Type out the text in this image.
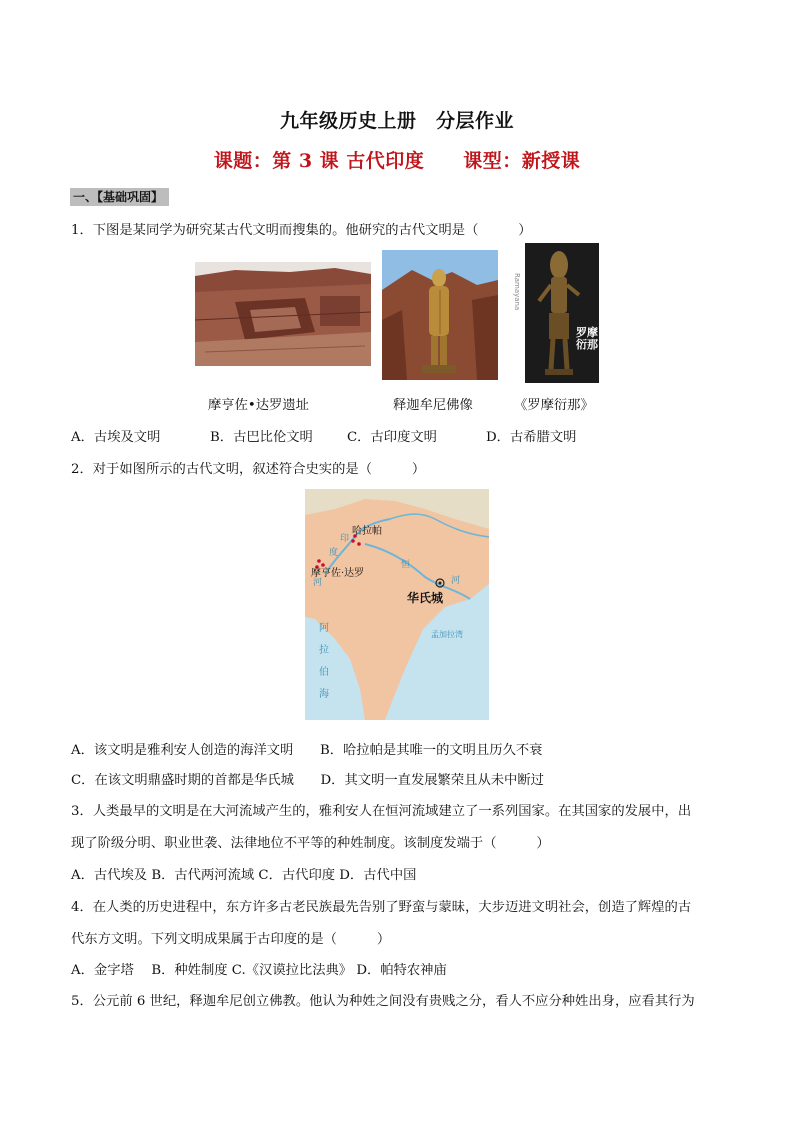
九年级历史上册　分层作业
课题：第 3 课 古代印度　　课型：新授课
一、【基础巩固】
1．下图是某同学为研究某古代文明而搜集的。他研究的古代文明是（　　　）
Ramayana
罗摩衍那
摩亨佐•达罗遗址	释迦牟尼佛像	《罗摩衍那》
A．古埃及文明	B．古巴比伦文明	C．古印度文明	D．古希腊文明
2．对于如图所示的古代文明，叙述符合史实的是（　　　）
哈拉帕
摩亨佐·达罗
华氏城
印
度
河
恒
河
孟加拉湾
阿
拉
伯
海
A．该文明是雅利安人创造的海洋文明　　B．哈拉帕是其唯一的文明且历久不衰
C．在该文明鼎盛时期的首都是华氏城　　D．其文明一直发展繁荣且从未中断过
3．人类最早的文明是在大河流域产生的，雅利安人在恒河流域建立了一系列国家。在其国家的发展中，出
现了阶级分明、职业世袭、法律地位不平等的种姓制度。该制度发端于（　　　）
A．古代埃及 B．古代两河流域 C．古代印度 D．古代中国
4．在人类的历史进程中，东方许多古老民族最先告别了野蛮与蒙昧，大步迈进文明社会，创造了辉煌的古
代东方文明。下列文明成果属于古印度的是（　　　）
A．金字塔　 B．种姓制度 C.《汉谟拉比法典》 D．帕特农神庙
5．公元前 6 世纪，释迦牟尼创立佛教。他认为种姓之间没有贵贱之分，看人不应分种姓出身，应看其行为
